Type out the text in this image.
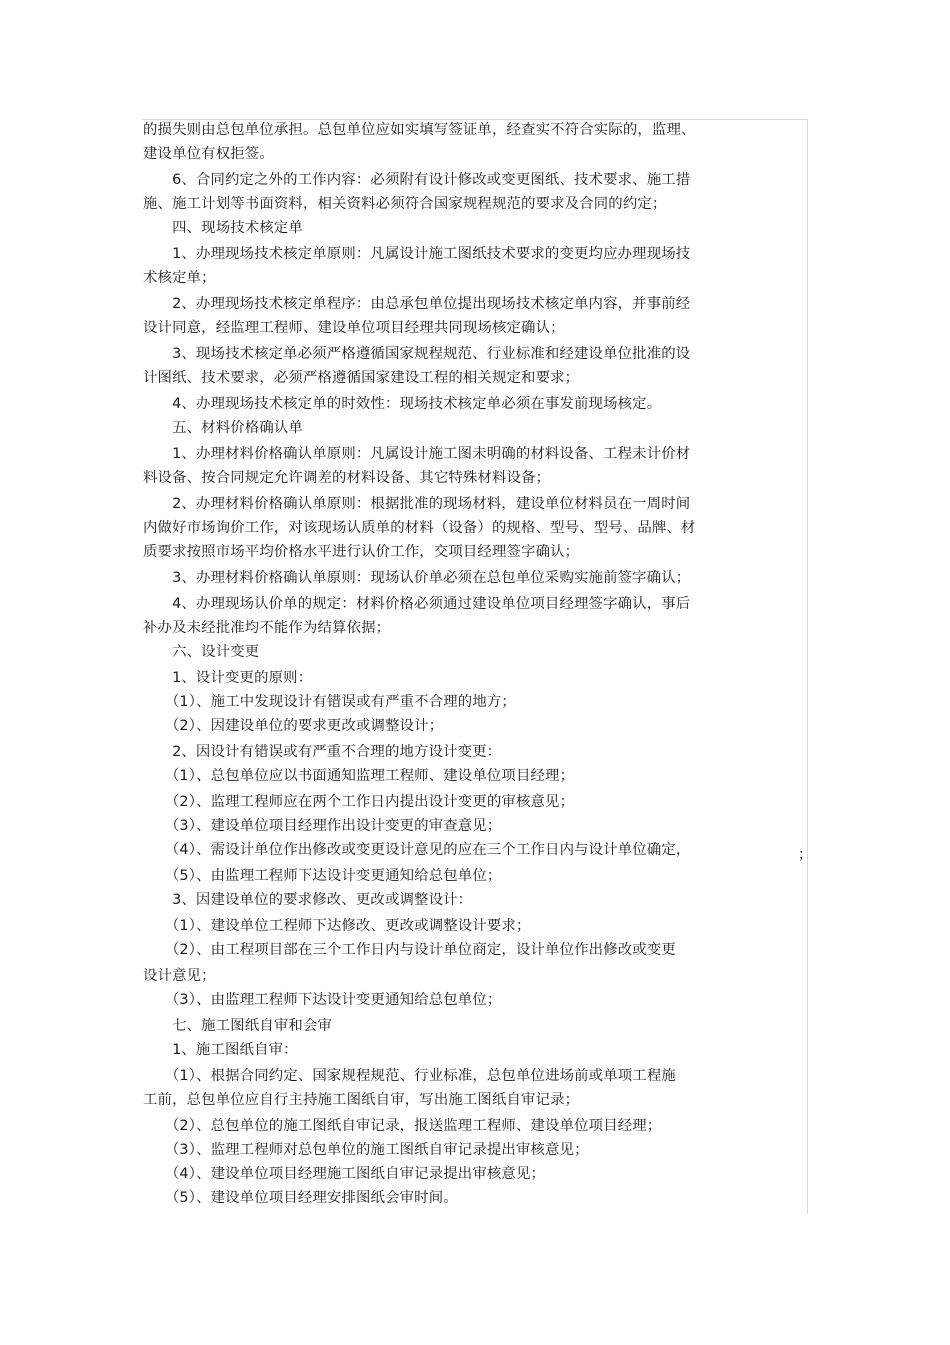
的损失则由总包单位承担。总包单位应如实填写签证单，经查实不符合实际的，监理、
建设单位有权拒签。
　　6、合同约定之外的工作内容：必须附有设计修改或变更图纸、技术要求、施工措
施、施工计划等书面资料，相关资料必须符合国家规程规范的要求及合同的约定；
　　四、现场技术核定单
　　1、办理现场技术核定单原则：凡属设计施工图纸技术要求的变更均应办理现场技
术核定单；
　　2、办理现场技术核定单程序：由总承包单位提出现场技术核定单内容，并事前经
设计同意，经监理工程师、建设单位项目经理共同现场核定确认；
　　3、现场技术核定单必须严格遵循国家规程规范、行业标准和经建设单位批准的设
计图纸、技术要求，必须严格遵循国家建设工程的相关规定和要求；
　　4、办理现场技术核定单的时效性：现场技术核定单必须在事发前现场核定。
　　五、材料价格确认单
　　1、办理材料价格确认单原则：凡属设计施工图未明确的材料设备、工程未计价材
料设备、按合同规定允许调差的材料设备、其它特殊材料设备；
　　2、办理材料价格确认单原则：根据批准的现场材料，建设单位材料员在一周时间
内做好市场询价工作，对该现场认质单的材料（设备）的规格、型号、型号、品牌、材
质要求按照市场平均价格水平进行认价工作，交项目经理签字确认；
　　3、办理材料价格确认单原则：现场认价单必须在总包单位采购实施前签字确认；
　　4、办理现场认价单的规定：材料价格必须通过建设单位项目经理签字确认，事后
补办及未经批准均不能作为结算依据；
　　六、设计变更
　　1、设计变更的原则：
　　（1）、施工中发现设计有错误或有严重不合理的地方；
　　（2）、因建设单位的要求更改或调整设计；
　　2、因设计有错误或有严重不合理的地方设计变更：
　　（1）、总包单位应以书面通知监理工程师、建设单位项目经理；
　　（2）、监理工程师应在两个工作日内提出设计变更的审核意见；
　　（3）、建设单位项目经理作出设计变更的审查意见；
　　（4）、需设计单位作出修改或变更设计意见的应在三个工作日内与设计单位确定，
　　（5）、由监理工程师下达设计变更通知给总包单位；
　　3、因建设单位的要求修改、更改或调整设计：
　　（1）、建设单位工程师下达修改、更改或调整设计要求；
　　（2）、由工程项目部在三个工作日内与设计单位商定，设计单位作出修改或变更
设计意见；
　　（3）、由监理工程师下达设计变更通知给总包单位；
　　七、施工图纸自审和会审
　　1、施工图纸自审：
　　（1）、根据合同约定、国家规程规范、行业标准，总包单位进场前或单项工程施
工前，总包单位应自行主持施工图纸自审，写出施工图纸自审记录；
　　（2）、总包单位的施工图纸自审记录，报送监理工程师、建设单位项目经理；
　　（3）、监理工程师对总包单位的施工图纸自审记录提出审核意见；
　　（4）、建设单位项目经理施工图纸自审记录提出审核意见；
　　（5）、建设单位项目经理安排图纸会审时间。
；
